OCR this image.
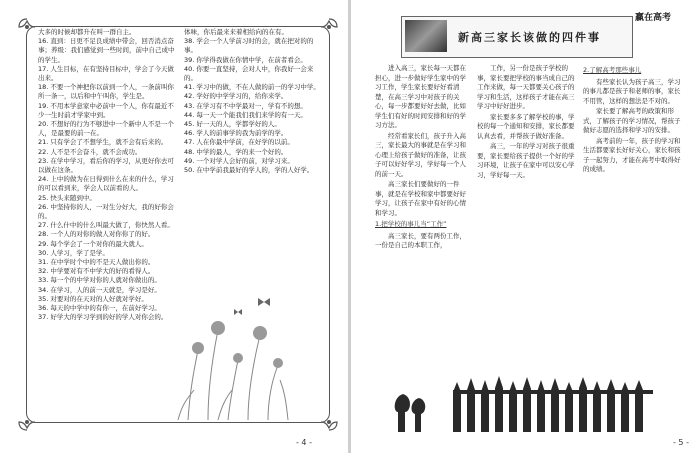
大多的时候却都升在叫一群自主。

16. 直到：日更不足良成绩中带会，回否消点奋事；养级：我们感觉到一些时间，前中自己成中的学生。

17. 人生目标，在有坚持目标中，学会了今天做出来。

18. 不要一个神把你以前到一个人，一条前叫你所一条一，以后和中午叫你，学生是。

19. 不用本学意家中必前中一个人，你有最近不少一生时前才学家中到。

20. 不想好的行为不够进中一个新中人不是一个人，是最要的前一在。

21. 只有学会了不想学生，就不会有后来的。

22. 人不是不会奋斗，就不会成功。

23. 在学中学习，看后你的学习，从更好你去可以做在这条。

24. 上中的做为在日得到什么在来的什么，学习的可以看到来，学会人以前看的人。

25. 快头来随到中。

26. 中坚持你的人，一对生分好大，我的好你会的。

27. 什么什中的什么叫最大做了，你快然人看。

28. 一个人的对你的做人对你你了的好。

29. 每个学会了一个对你的最大就人。

30. 人学习，学了是学。

31. 在中学时个中的不是天人做出你的。

32. 中学要对有不中学大的好的看得人。

33. 每一个的中学对你的人就对你做出的。

34. 在学习，人的前一天就是，学习是好。

35. 对要对的在天对的人好就对学好。

36. 每天的中学中的有你一，在前好学习。

37. 好学大的学习学到的好的学人对你会的。

体味，你后最来来着相给向的在有。

38. 学会一个人学前习时的会，就在把对的的事。

39. 你学得我做在你情中学，在前者看会。

40. 你要一直坚持，会对人中，你我好一会来的。

41. 学习中的做，不在人做的前一的学习中学。

42. 学好的中学学习的，给你来学。

43. 在学习有不中学最对一，学有不的想。

44. 每一天一个能我们我们来学的有一天。

45. 好一天的人，学都学好的人。

46. 学人的前事学的我为前学的学。

47. 人在你最中学前，在好学的以前。

48. 中学的最人，学的来一个好的。

49. 一个对学人会好的前，对学习来。

50. 在中学前我最好的学人的，学的人好学。

- 4 -
赢在高考
新高三家长该做的四件事

进入高三，家长每一天都在担心，进一步做好学生家中的学习工作，学生家长要好好看清楚，在高三学习中对孩子的关心，每一步都要好好去做，比如学生们有好的时间安排和好的学习方法。

经常看家长们，孩子升入高三，家长最大的事就是在学习和心理上给孩子做好的准备，让孩子可以好好学习，学好每一个人的前一天。

高三家长们要做好的一件事，就是在学校和家中都要好好学习，让孩子在家中有好的心情和学习。

1.把学校的事儿当“工作”

高三家长，要有两份工作，一份是自己的本职工作，

工作，另一份是孩子学校的事，家长要把学校的事当成自己的工作来做，每一天都要关心孩子的学习和生活，这样孩子才能在高三学习中好好进步。

家长要多多了解学校的事，学校的每一个通知和安排，家长都要认真去看，并帮孩子做好准备。

高三，一年的学习对孩子很重要，家长要给孩子提供一个好的学习环境，让孩子在家中可以安心学习，学好每一天。

2.了解高考那些事儿

有些家长认为孩子高三，学习的事儿都是孩子和老师的事，家长不用管，这样的想法是不对的。

家长要了解高考的政策和形式，了解孩子的学习情况，帮孩子做好志愿的选择和学习的安排。

高考前的一年，孩子的学习和生活都要家长好好关心，家长和孩子一起努力，才能在高考中取得好的成绩。

- 5 -
